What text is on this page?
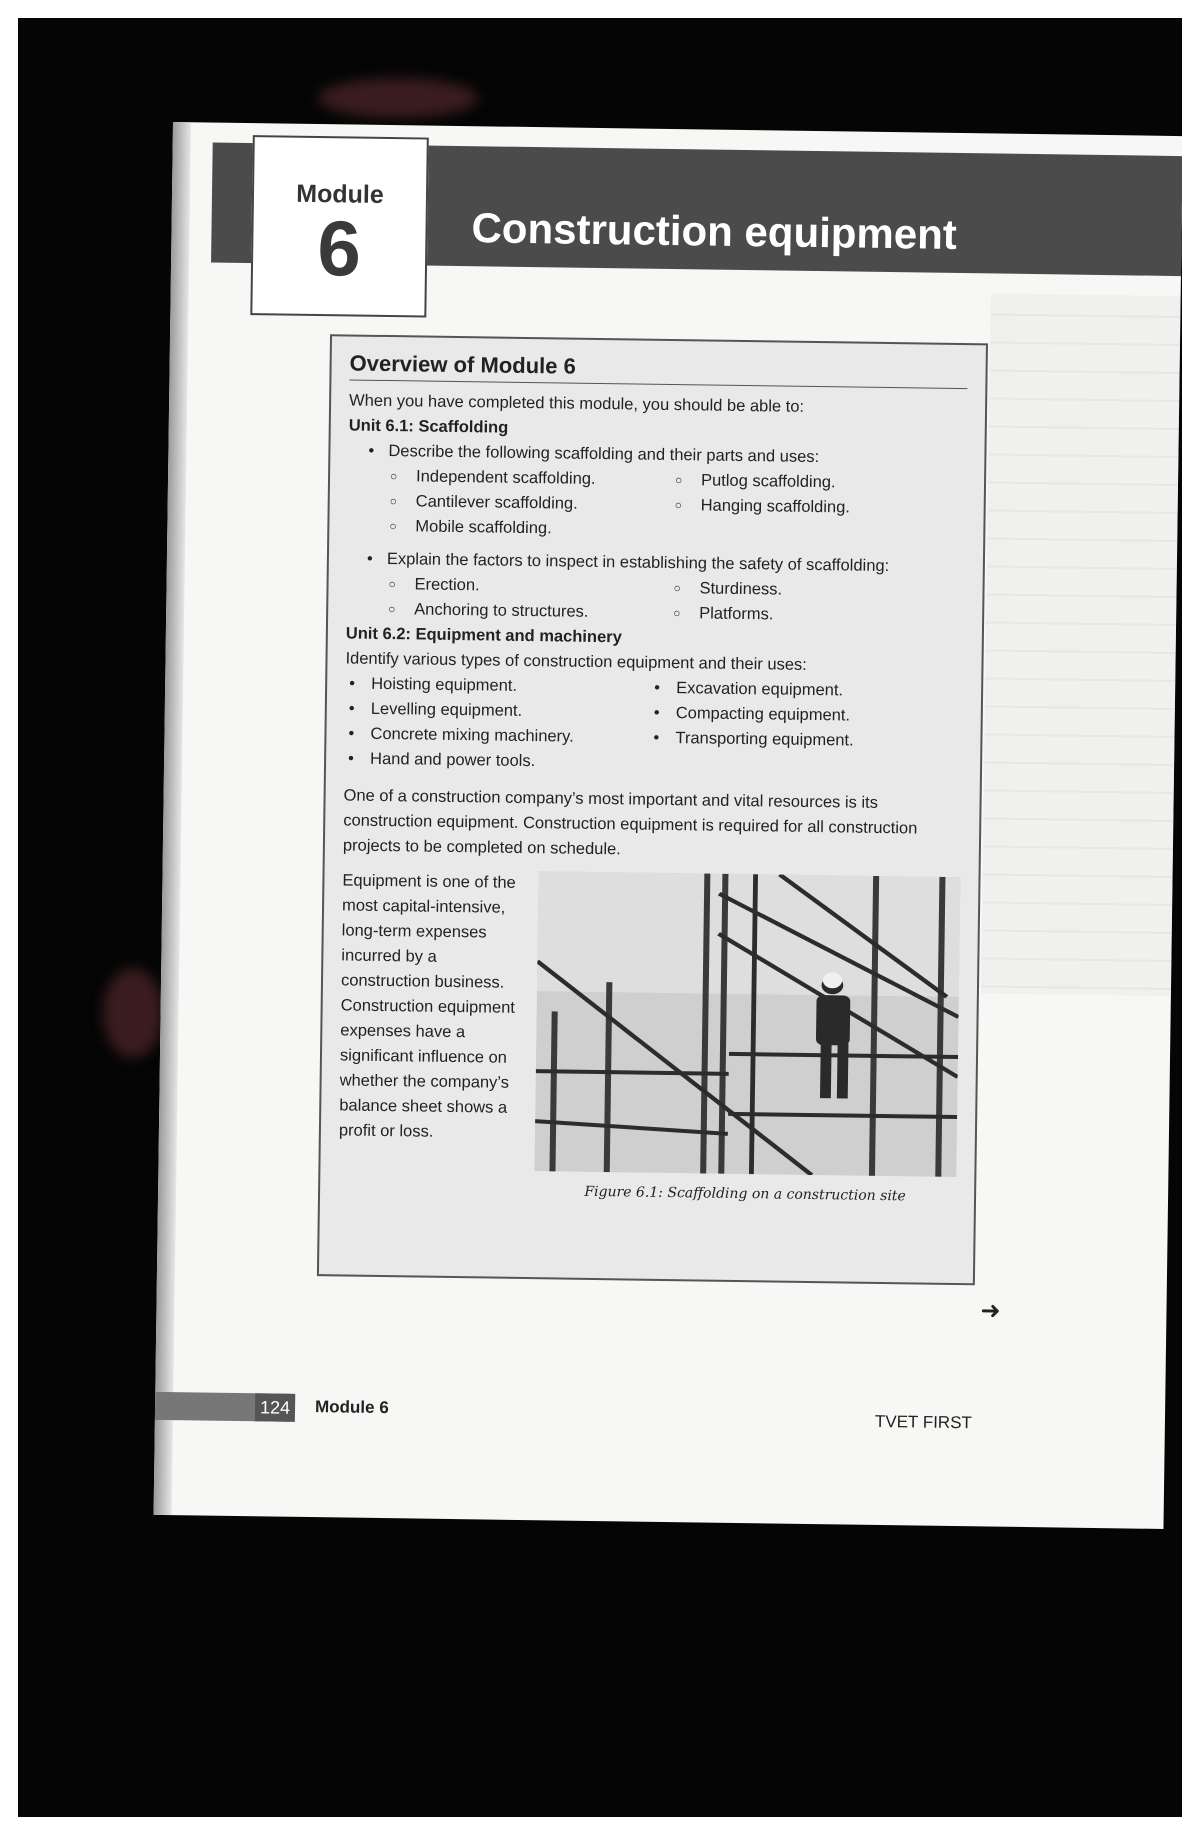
Module
6	Construction equipment
Overview of Module 6
When you have completed this module, you should be able to:
Unit 6.1: Scaffolding
• Describe the following scaffolding and their parts and uses:
○ Independent scaffolding.	○ Putlog scaffolding.
○ Cantilever scaffolding.	○ Hanging scaffolding.
○ Mobile scaffolding.
• Explain the factors to inspect in establishing the safety of scaffolding:
○ Erection.	○ Sturdiness.
○ Anchoring to structures.	○ Platforms.
Unit 6.2: Equipment and machinery
Identify various types of construction equipment and their uses:
• Hoisting equipment.	• Excavation equipment.
• Levelling equipment.	• Compacting equipment.
• Concrete mixing machinery.	• Transporting equipment.
• Hand and power tools.
One of a construction company’s most important and vital resources is its construction equipment. Construction equipment is required for all construction projects to be completed on schedule.
Equipment is one of the most capital-intensive, long-term expenses incurred by a construction business. Construction equipment expenses have a significant influence on whether the company’s balance sheet shows a profit or loss.
Figure 6.1: Scaffolding on a construction site
➜
124 Module 6
TVET FIRST
